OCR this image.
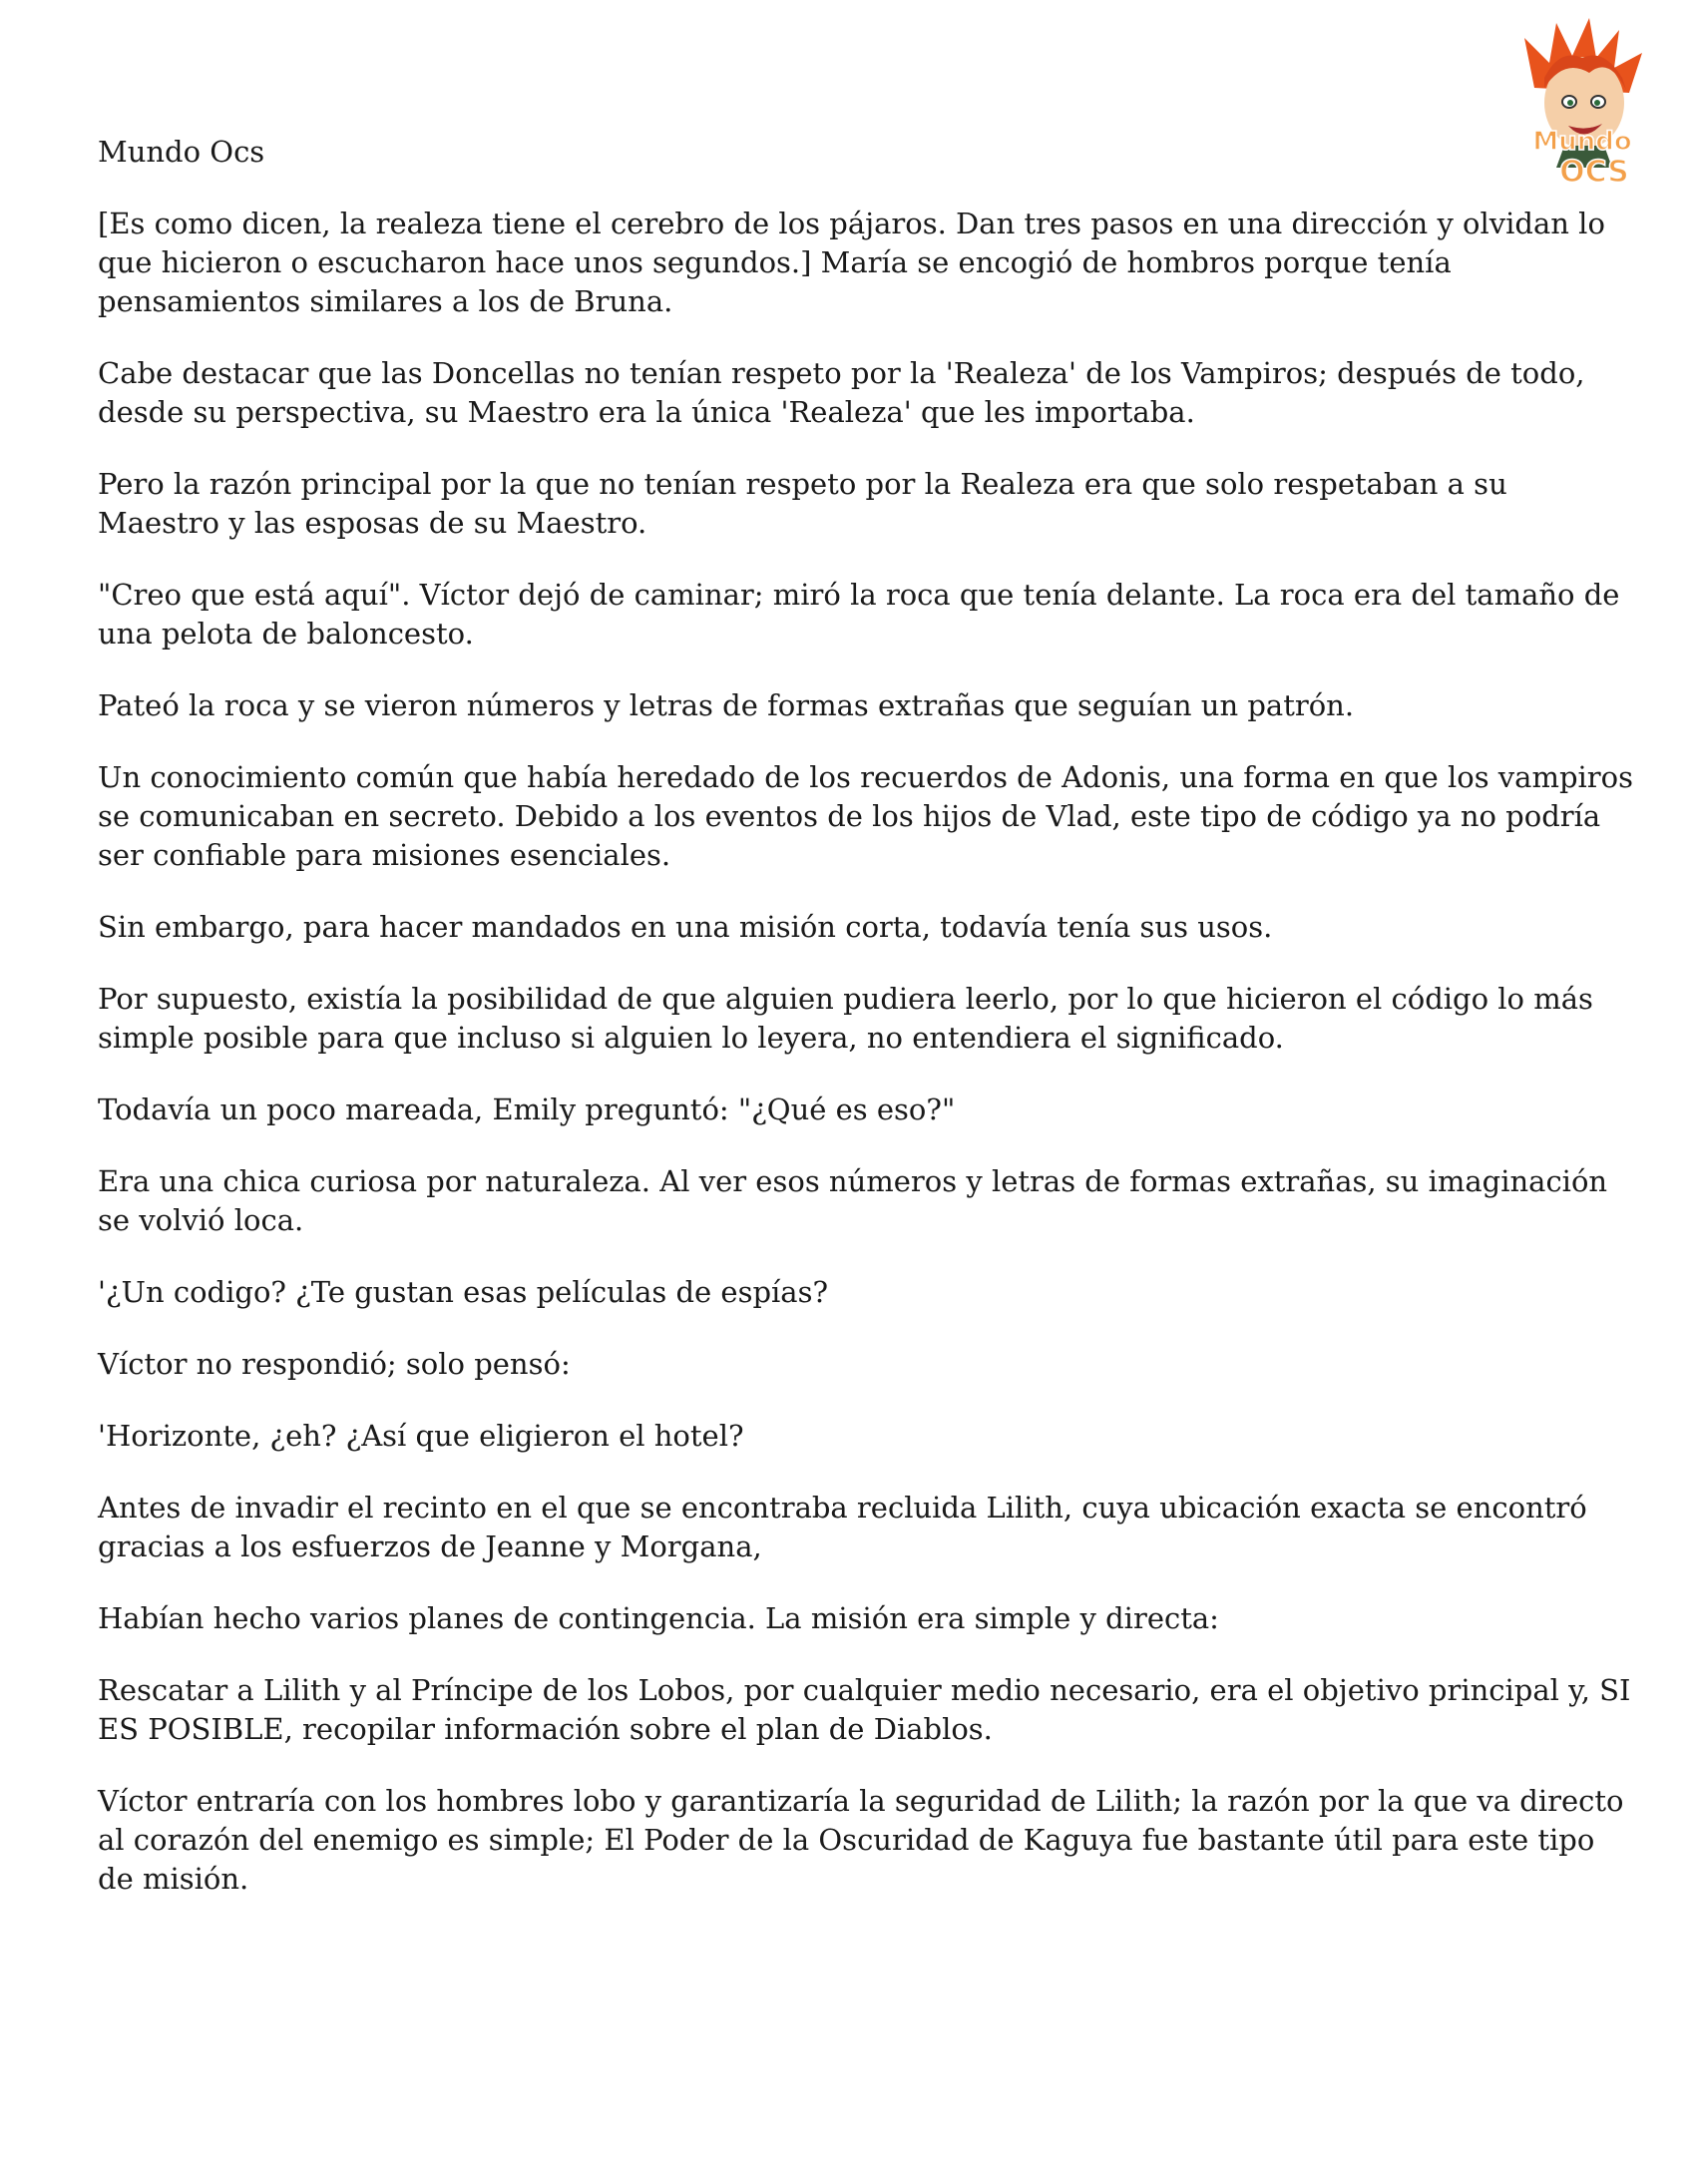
Mundo Ocs	Mundo
OCS

[Es como dicen, la realeza tiene el cerebro de los pájaros. Dan tres pasos en una dirección y olvidan lo que hicieron o escucharon hace unos segundos.] María se encogió de hombros porque tenía pensamientos similares a los de Bruna.

Cabe destacar que las Doncellas no tenían respeto por la 'Realeza' de los Vampiros; después de todo, desde su perspectiva, su Maestro era la única 'Realeza' que les importaba.

Pero la razón principal por la que no tenían respeto por la Realeza era que solo respetaban a su Maestro y las esposas de su Maestro.

"Creo que está aquí". Víctor dejó de caminar; miró la roca que tenía delante. La roca era del tamaño de una pelota de baloncesto.

Pateó la roca y se vieron números y letras de formas extrañas que seguían un patrón.

Un conocimiento común que había heredado de los recuerdos de Adonis, una forma en que los vampiros se comunicaban en secreto. Debido a los eventos de los hijos de Vlad, este tipo de código ya no podría ser confiable para misiones esenciales.

Sin embargo, para hacer mandados en una misión corta, todavía tenía sus usos.

Por supuesto, existía la posibilidad de que alguien pudiera leerlo, por lo que hicieron el código lo más simple posible para que incluso si alguien lo leyera, no entendiera el significado.

Todavía un poco mareada, Emily preguntó: "¿Qué es eso?"

Era una chica curiosa por naturaleza. Al ver esos números y letras de formas extrañas, su imaginación se volvió loca.

'¿Un codigo? ¿Te gustan esas películas de espías?

Víctor no respondió; solo pensó:

'Horizonte, ¿eh? ¿Así que eligieron el hotel?

Antes de invadir el recinto en el que se encontraba recluida Lilith, cuya ubicación exacta se encontró gracias a los esfuerzos de Jeanne y Morgana,

Habían hecho varios planes de contingencia. La misión era simple y directa:

Rescatar a Lilith y al Príncipe de los Lobos, por cualquier medio necesario, era el objetivo principal y, SI ES POSIBLE, recopilar información sobre el plan de Diablos.

Víctor entraría con los hombres lobo y garantizaría la seguridad de Lilith; la razón por la que va directo al corazón del enemigo es simple; El Poder de la Oscuridad de Kaguya fue bastante útil para este tipo de misión.
